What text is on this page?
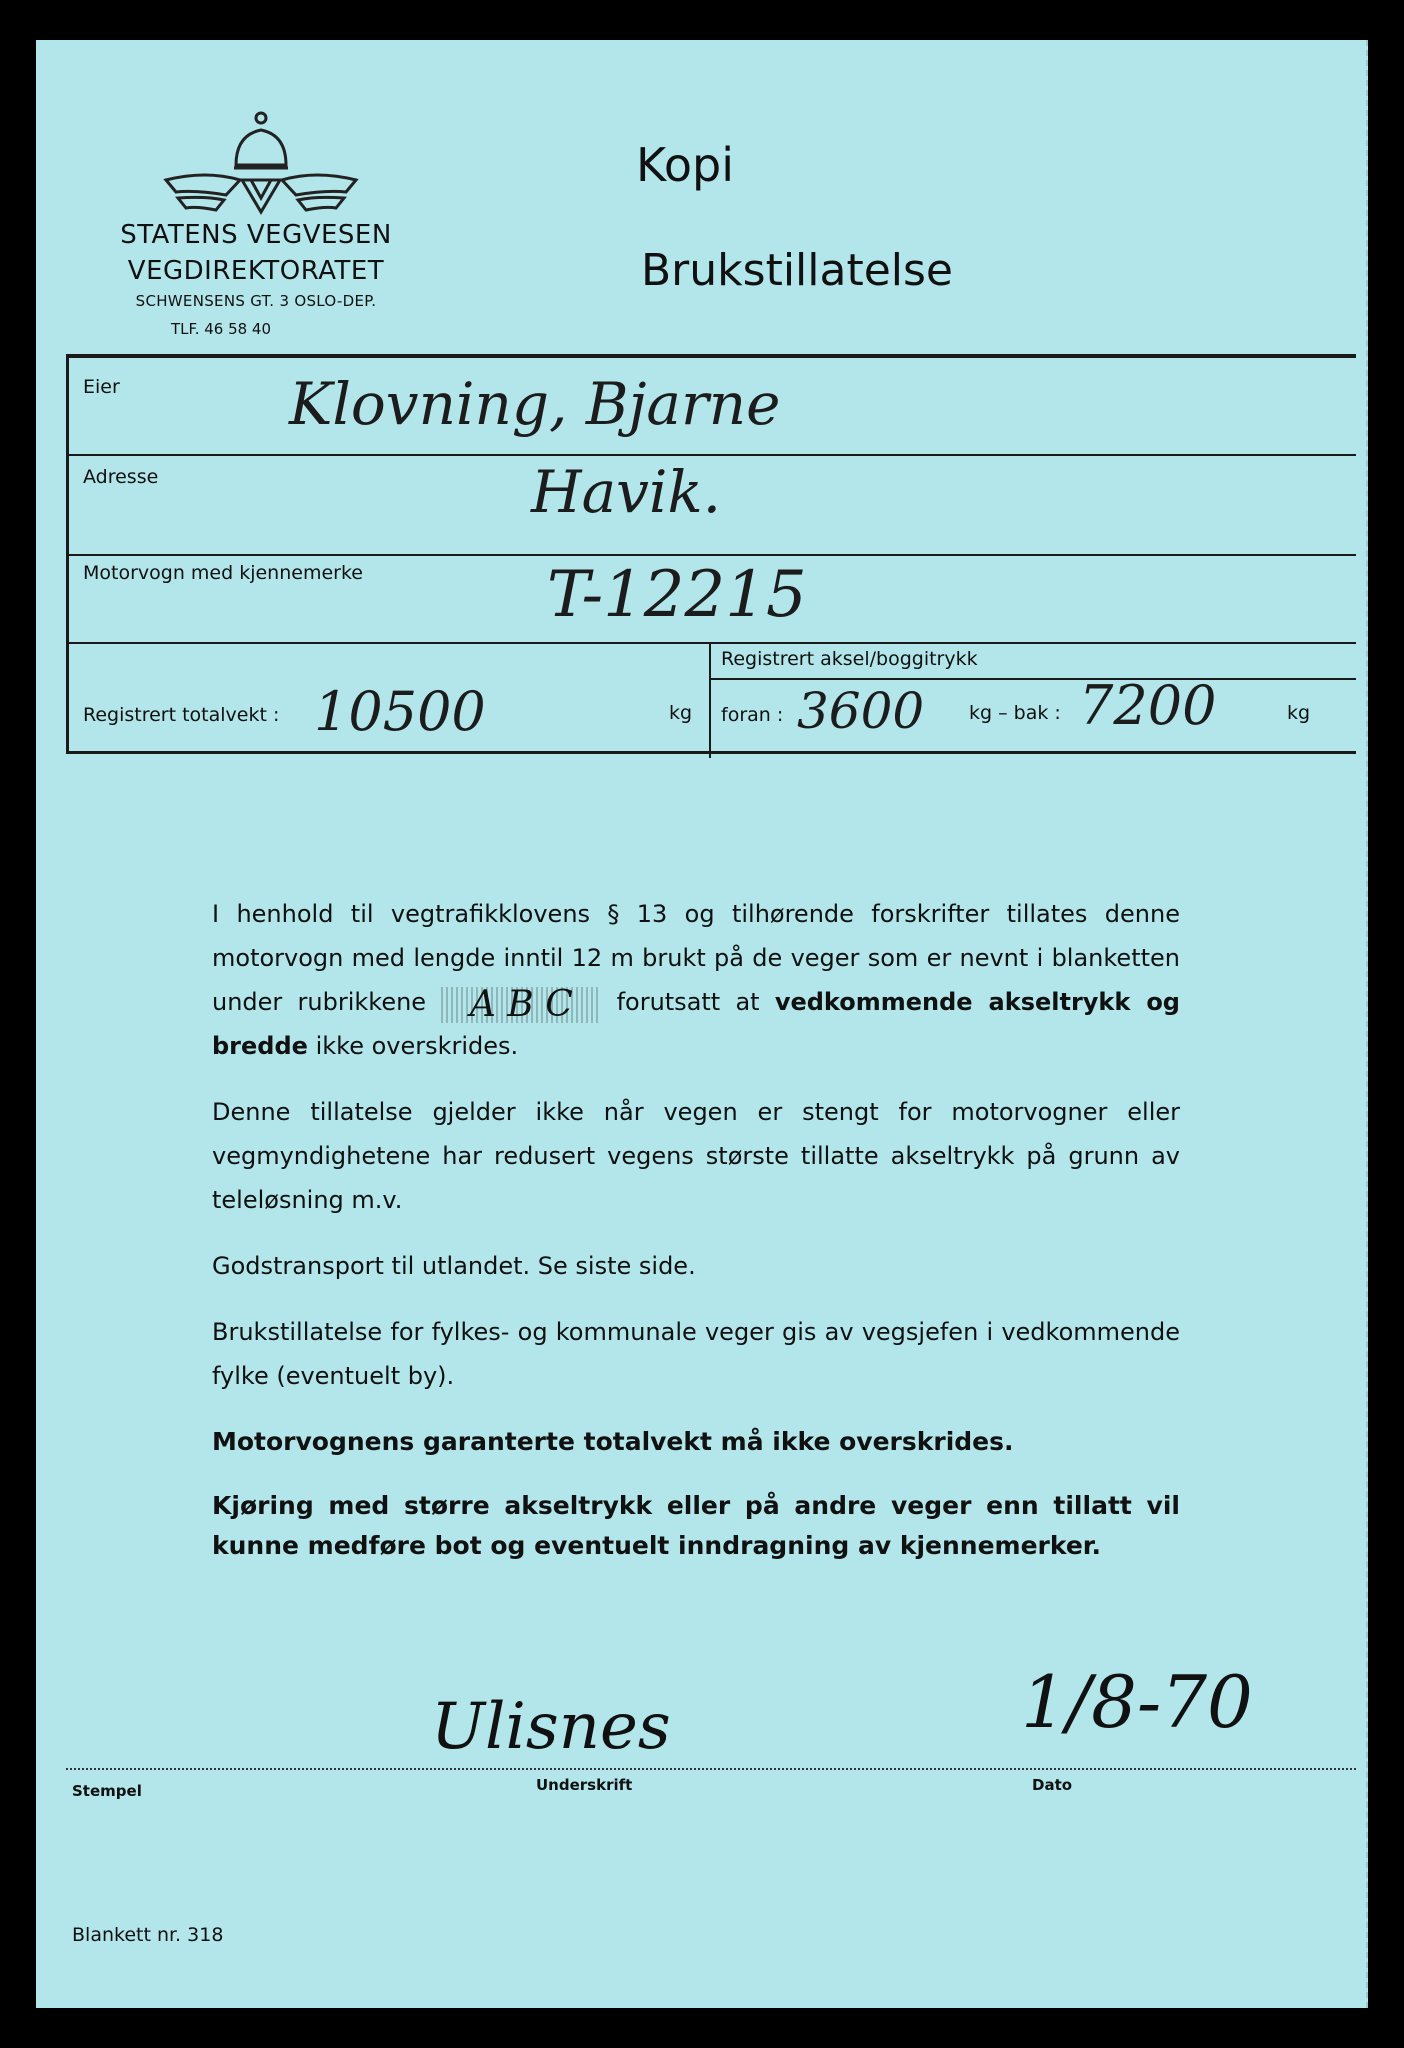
STATENS VEGVESEN
VEGDIREKTORATET
SCHWENSENS GT. 3 OSLO-DEP.
TLF. 46 58 40
Kopi
Brukstillatelse
Eier	Klovning, Bjarne
Adresse	Havik.
Motorvogn med kjennemerke	T-12215
Registrert aksel/boggitrykk
Registrert totalvekt : 10500	kg foran : 3600 kg – bak : 7200	kg

I henhold til vegtrafikklovens § 13 og tilhørende forskrifter tillates denne motorvogn med lengde inntil 12 m brukt på de veger som er nevnt i blanketten under rubrikkene A B C forutsatt at vedkommende akseltrykk og bredde ikke overskrides.

Denne tillatelse gjelder ikke når vegen er stengt for motorvogner eller vegmyndighetene har redusert vegens største tillatte akseltrykk på grunn av teleløsning m.v.

Godstransport til utlandet. Se siste side.

Brukstillatelse for fylkes- og kommunale veger gis av vegsjefen i vedkommende fylke (eventuelt by).

Motorvognens garanterte totalvekt må ikke overskrides.

Kjøring med større akseltrykk eller på andre veger enn tillatt vil kunne medføre bot og eventuelt inndragning av kjennemerker.

Ulisnes	1/8-70
Stempel	Underskrift	Dato
Blankett nr. 318
